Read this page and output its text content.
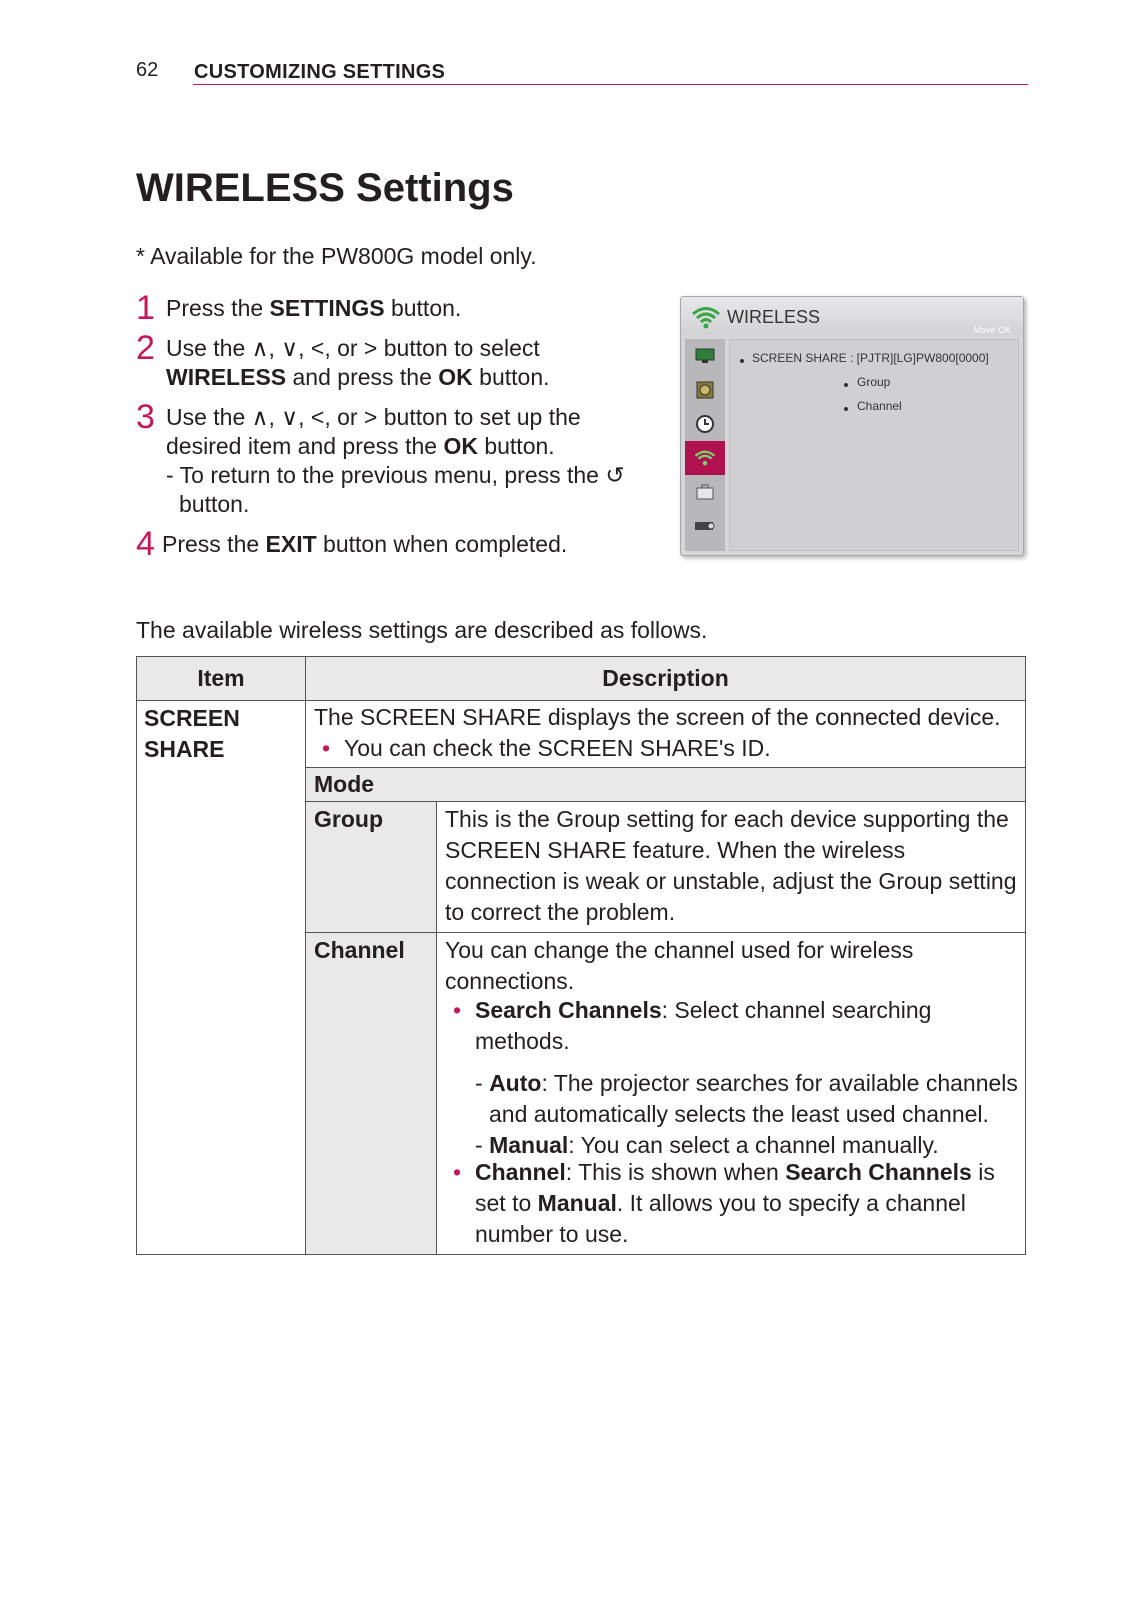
62 CUSTOMIZING SETTINGS
WIRELESS Settings
* Available for the PW800G model only.
1 Press the SETTINGS button.
2 Use the ∧, ∨, <, or > button to select
WIRELESS and press the OK button.
3 Use the ∧, ∨, <, or > button to set up the
desired item and press the OK button.
- To return to the previous menu, press the ↺ button.
4 Press the EXIT button when completed.
WIRELESS
Move OK
SCREEN SHARE : [PJTR][LG]PW800[0000]
Group
Channel
The available wireless settings are described as follows.
Item	Description	
SCREEN SHARE	The SCREEN SHARE displays the screen of the connected device.
• You can check the SCREEN SHARE's ID.

	Mode	
	Group	This is the Group setting for each device supporting the SCREEN SHARE feature. When the wireless connection is weak or unstable, adjust the Group setting to correct the problem.
	Channel	You can change the channel used for wireless connections.
• Search Channels: Select channel searching methods.
- Auto: The projector searches for available channels and automatically selects the least used channel.
- Manual: You can select a channel manually.
• Channel: This is shown when Search Channels is set to Manual. It allows you to specify a channel number to use.
